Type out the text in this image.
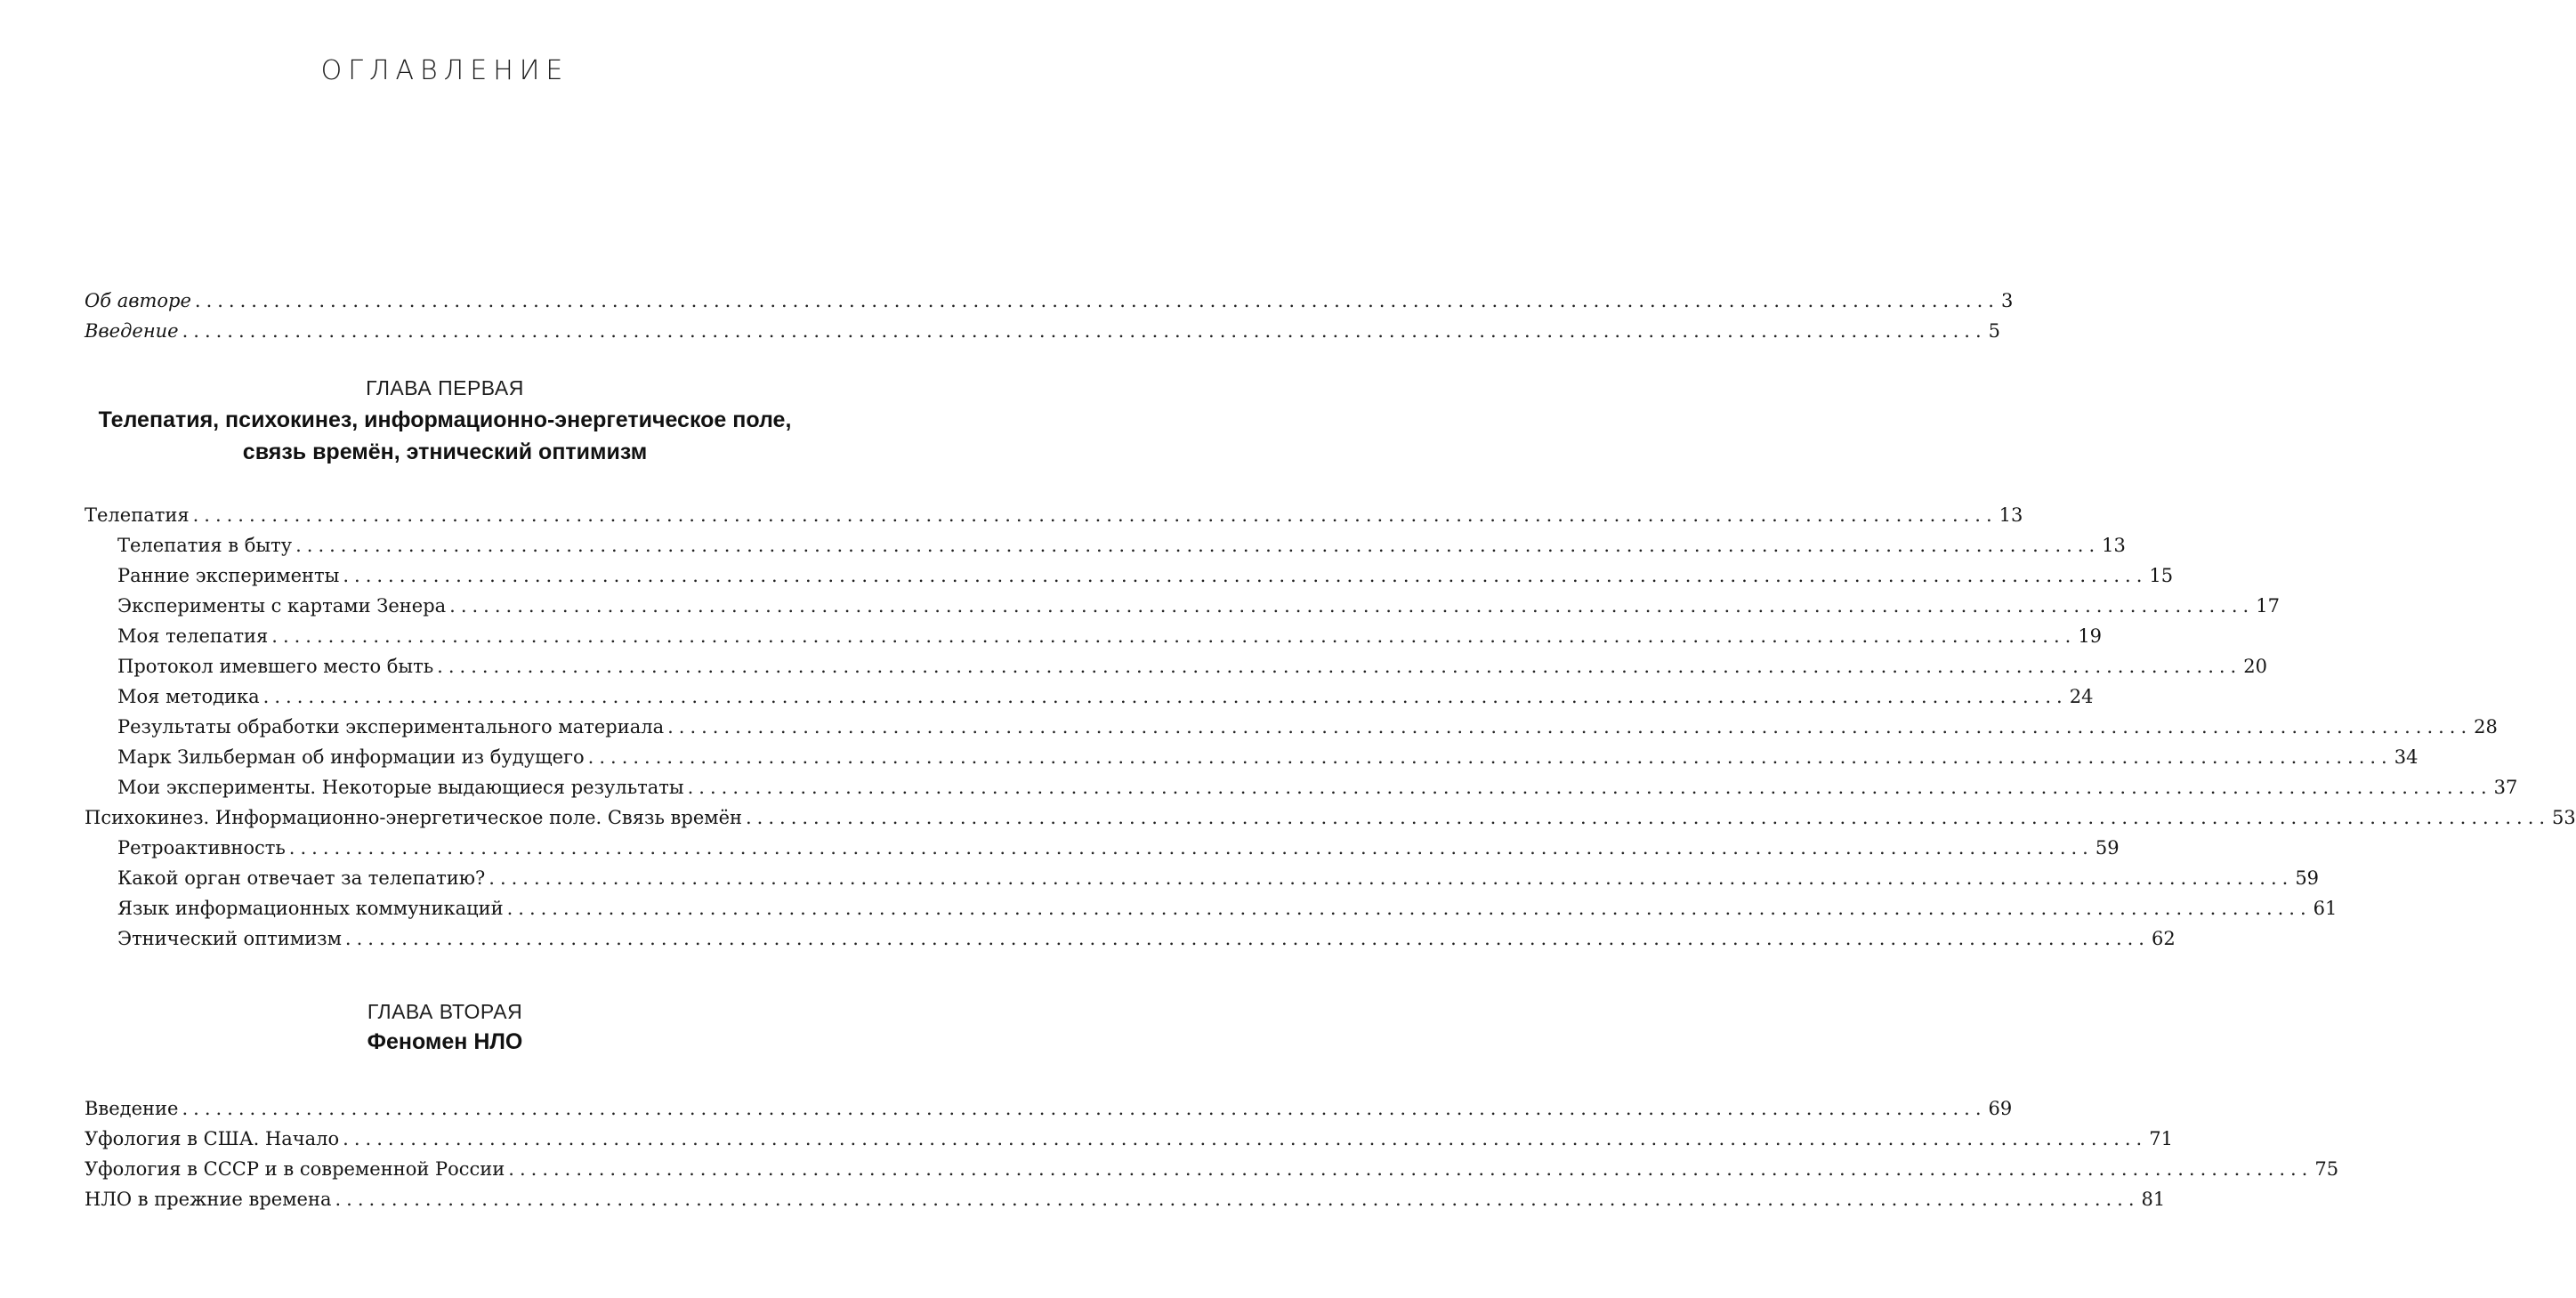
ОГЛАВЛЕНИЕ
Об авторе ................................................................................................................................................................ 3
Введение ................................................................................................................................................................ 5
ГЛАВА ПЕРВАЯ
Телепатия, психокинез, информационно-энергетическое поле,
связь времён, этнический оптимизм
Телепатия ................................................................................................................................................................ 13
Телепатия в быту ................................................................................................................................................................ 13
Ранние эксперименты ................................................................................................................................................................ 15
Эксперименты с картами Зенера ................................................................................................................................................................ 17
Моя телепатия ................................................................................................................................................................ 19
Протокол имевшего место быть ................................................................................................................................................................ 20
Моя методика ................................................................................................................................................................ 24
Результаты обработки экспериментального материала ................................................................................................................................................................ 28
Марк Зильберман об информации из будущего ................................................................................................................................................................ 34
Мои эксперименты. Некоторые выдающиеся результаты ................................................................................................................................................................ 37
Психокинез. Информационно-энергетическое поле. Связь времён ................................................................................................................................................................ 53
Ретроактивность ................................................................................................................................................................ 59
Какой орган отвечает за телепатию? ................................................................................................................................................................ 59
Язык информационных коммуникаций ................................................................................................................................................................ 61
Этнический оптимизм ................................................................................................................................................................ 62
ГЛАВА ВТОРАЯ
Феномен НЛО
Введение ................................................................................................................................................................ 69
Уфология в США. Начало ................................................................................................................................................................ 71
Уфология в СССР и в современной России ................................................................................................................................................................ 75
НЛО в прежние времена ................................................................................................................................................................ 81
